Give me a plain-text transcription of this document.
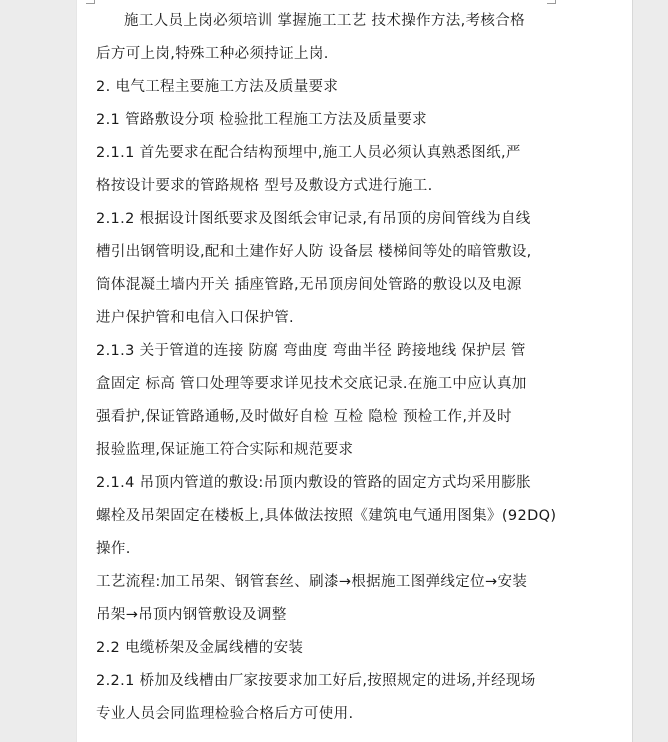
施工人员上岗必须培训 掌握施工工艺 技术操作方法,考核合格
后方可上岗,特殊工种必须持证上岗.
2. 电气工程主要施工方法及质量要求
2.1 管路敷设分项 检验批工程施工方法及质量要求
2.1.1 首先要求在配合结构预埋中,施工人员必须认真熟悉图纸,严
格按设计要求的管路规格 型号及敷设方式进行施工.
2.1.2 根据设计图纸要求及图纸会审记录,有吊顶的房间管线为自线
槽引出钢管明设,配和土建作好人防 设备层 楼梯间等处的暗管敷设,
筒体混凝土墙内开关 插座管路,无吊顶房间处管路的敷设以及电源
进户保护管和电信入口保护管.
2.1.3 关于管道的连接 防腐 弯曲度 弯曲半径 跨接地线 保护层 管
盒固定 标高 管口处理等要求详见技术交底记录.在施工中应认真加
强看护,保证管路通畅,及时做好自检 互检 隐检 预检工作,并及时
报验监理,保证施工符合实际和规范要求
2.1.4 吊顶内管道的敷设:吊顶内敷设的管路的固定方式均采用膨胀
螺栓及吊架固定在楼板上,具体做法按照《建筑电气通用图集》(92DQ)
操作.
工艺流程:加工吊架、钢管套丝、刷漆→根据施工图弹线定位→安装
吊架→吊顶内钢管敷设及调整
2.2 电缆桥架及金属线槽的安装
2.2.1 桥加及线槽由厂家按要求加工好后,按照规定的进场,并经现场
专业人员会同监理检验合格后方可使用.
